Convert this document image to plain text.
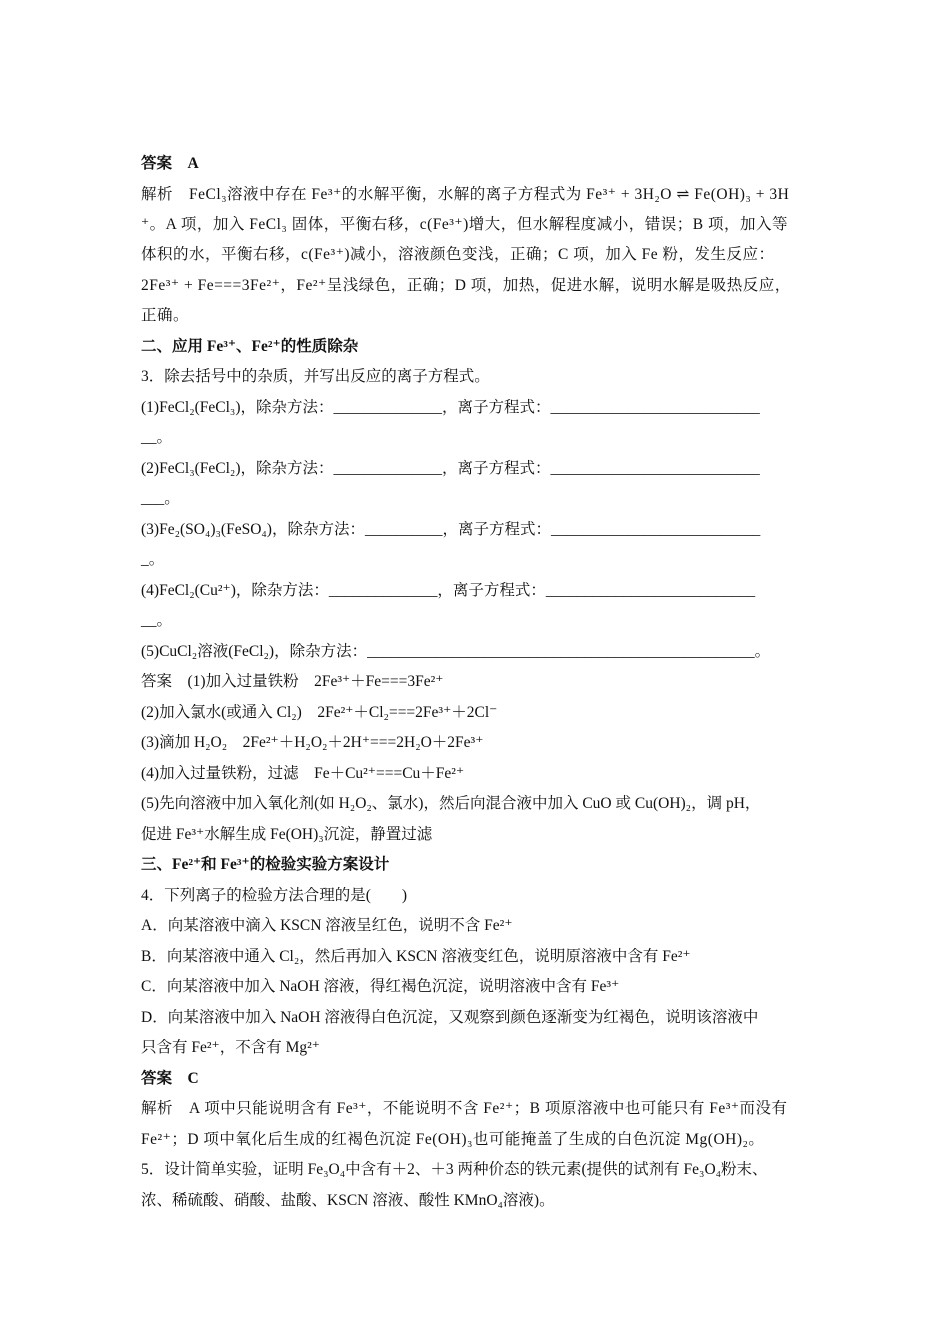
答案　A

解析　FeCl₃溶液中存在 Fe³⁺的水解平衡，水解的离子方程式为 Fe³⁺ + 3H₂O ⇌ Fe(OH)₃ + 3H

⁺。A 项，加入 FeCl₃ 固体，平衡右移，c(Fe³⁺)增大，但水解程度减小，错误；B 项，加入等

体积的水，平衡右移，c(Fe³⁺)减小，溶液颜色变浅，正确；C 项，加入 Fe 粉，发生反应：

2Fe³⁺ + Fe===3Fe²⁺，Fe²⁺呈浅绿色，正确；D 项，加热，促进水解，说明水解是吸热反应，

正确。

二、应用 Fe³⁺、Fe²⁺的性质除杂

3．除去括号中的杂质，并写出反应的离子方程式。

(1)FeCl₂(FeCl₃)，除杂方法：______________，离子方程式：___________________________

__。

(2)FeCl₃(FeCl₂)，除杂方法：______________，离子方程式：___________________________

___。

(3)Fe₂(SO₄)₃(FeSO₄)，除杂方法：__________，离子方程式：___________________________

_。

(4)FeCl₂(Cu²⁺)，除杂方法：______________，离子方程式：___________________________

__。

(5)CuCl₂溶液(FeCl₂)，除杂方法：__________________________________________________。

答案　(1)加入过量铁粉　2Fe³⁺＋Fe===3Fe²⁺

(2)加入氯水(或通入 Cl₂)　2Fe²⁺＋Cl₂===2Fe³⁺＋2Cl⁻

(3)滴加 H₂O₂　2Fe²⁺＋H₂O₂＋2H⁺===2H₂O＋2Fe³⁺

(4)加入过量铁粉，过滤　Fe＋Cu²⁺===Cu＋Fe²⁺

(5)先向溶液中加入氧化剂(如 H₂O₂、氯水)，然后向混合液中加入 CuO 或 Cu(OH)₂，调 pH，

促进 Fe³⁺水解生成 Fe(OH)₃沉淀，静置过滤

三、Fe²⁺和 Fe³⁺的检验实验方案设计

4．下列离子的检验方法合理的是(　　)

A．向某溶液中滴入 KSCN 溶液呈红色，说明不含 Fe²⁺

B．向某溶液中通入 Cl₂，然后再加入 KSCN 溶液变红色，说明原溶液中含有 Fe²⁺

C．向某溶液中加入 NaOH 溶液，得红褐色沉淀，说明溶液中含有 Fe³⁺

D．向某溶液中加入 NaOH 溶液得白色沉淀，又观察到颜色逐渐变为红褐色，说明该溶液中

只含有 Fe²⁺，不含有 Mg²⁺

答案　C

解析　A 项中只能说明含有 Fe³⁺，不能说明不含 Fe²⁺；B 项原溶液中也可能只有 Fe³⁺而没有

Fe²⁺；D 项中氧化后生成的红褐色沉淀 Fe(OH)₃也可能掩盖了生成的白色沉淀 Mg(OH)₂。

5．设计简单实验，证明 Fe₃O₄中含有＋2、＋3 两种价态的铁元素(提供的试剂有 Fe₃O₄粉末、

浓、稀硫酸、硝酸、盐酸、KSCN 溶液、酸性 KMnO₄溶液)。
